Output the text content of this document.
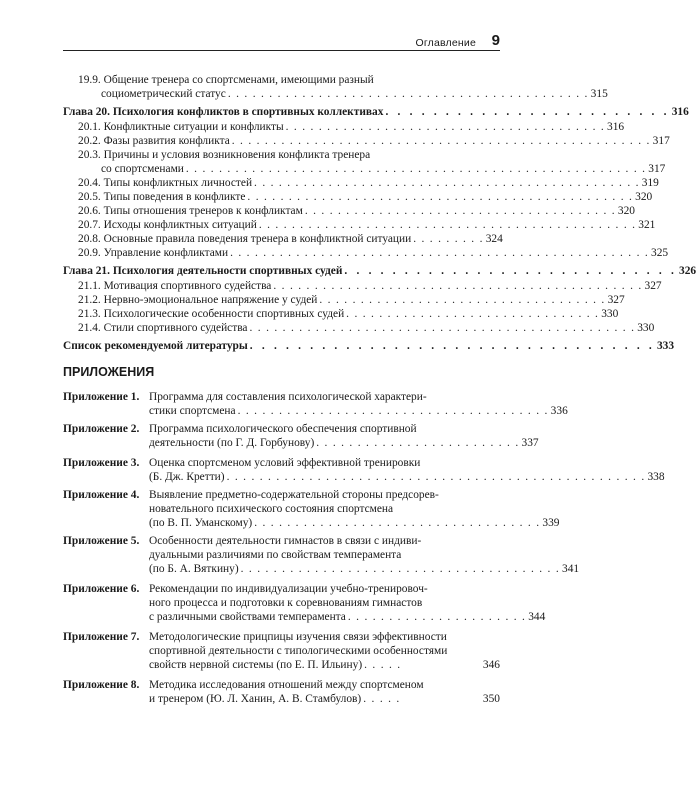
Оглавление 9
19.9. Общение тренера со спортсменами, имеющими разный
социометрический статус . . . . . . . . . . . . . . . . . . . . . . . . . . . . . . . . . . . . . . . . . . . . 315
Глава 20. Психология конфликтов в спортивных коллективах . . . . . . . . . . . . . . . . . . . . . . . . 316
20.1. Конфликтные ситуации и конфликты . . . . . . . . . . . . . . . . . . . . . . . . . . . . . . . . . . . . . . . 316
20.2. Фазы развития конфликта . . . . . . . . . . . . . . . . . . . . . . . . . . . . . . . . . . . . . . . . . . . . . . . . . . . 317
20.3. Причины и условия возникновения конфликта тренера
со спортсменами . . . . . . . . . . . . . . . . . . . . . . . . . . . . . . . . . . . . . . . . . . . . . . . . . . . . . . . . 317
20.4. Типы конфликтных личностей . . . . . . . . . . . . . . . . . . . . . . . . . . . . . . . . . . . . . . . . . . . . . . . 319
20.5. Типы поведения в конфликте . . . . . . . . . . . . . . . . . . . . . . . . . . . . . . . . . . . . . . . . . . . . . . . 320
20.6. Типы отношения тренеров к конфликтам . . . . . . . . . . . . . . . . . . . . . . . . . . . . . . . . . . . . . . 320
20.7. Исходы конфликтных ситуаций . . . . . . . . . . . . . . . . . . . . . . . . . . . . . . . . . . . . . . . . . . . . . . 321
20.8. Основные правила поведения тренера в конфликтной ситуации . . . . . . . . . 324
20.9. Управление конфликтами . . . . . . . . . . . . . . . . . . . . . . . . . . . . . . . . . . . . . . . . . . . . . . . . . . . 325
Глава 21. Психология деятельности спортивных судей . . . . . . . . . . . . . . . . . . . . . . . . . . . . 326
21.1. Мотивация спортивного судейства . . . . . . . . . . . . . . . . . . . . . . . . . . . . . . . . . . . . . . . . . . . . . 327
21.2. Нервно-эмоциональное напряжение у судей . . . . . . . . . . . . . . . . . . . . . . . . . . . . . . . . . . . 327
21.3. Психологические особенности спортивных судей . . . . . . . . . . . . . . . . . . . . . . . . . . . . . . . 330
21.4. Стили спортивного судейства . . . . . . . . . . . . . . . . . . . . . . . . . . . . . . . . . . . . . . . . . . . . . . . 330
Список рекомендуемой литературы . . . . . . . . . . . . . . . . . . . . . . . . . . . . . . . . . . 333
ПРИЛОЖЕНИЯ
Приложение 1. Программа для составления психологической характери-
стики спортсмена . . . . . . . . . . . . . . . . . . . . . . . . . . . . . . . . . . . . . . 336
Приложение 2. Программа психологического обеспечения спортивной
деятельности (по Г. Д. Горбунову) . . . . . . . . . . . . . . . . . . . . . . . . . 337
Приложение 3. Оценка спортсменом условий эффективной тренировки
(Б. Дж. Кретти) . . . . . . . . . . . . . . . . . . . . . . . . . . . . . . . . . . . . . . . . . . . . . . . . . . . 338
Приложение 4. Выявление предметно-содержательной стороны предсорев-
новательного психического состояния спортсмена
(по В. П. Уманскому) . . . . . . . . . . . . . . . . . . . . . . . . . . . . . . . . . . . 339
Приложение 5. Особенности деятельности гимнастов в связи с индиви-
дуальными различиями по свойствам темперамента
(по Б. А. Вяткину) . . . . . . . . . . . . . . . . . . . . . . . . . . . . . . . . . . . . . . . 341
Приложение 6. Рекомендации по индивидуализации учебно-тренировоч-
ного процесса и подготовки к соревнованиям гимнастов
с различными свойствами темперамента . . . . . . . . . . . . . . . . . . . . . . 344
Приложение 7. Методологические прицпицы изучения связи эффективности
спортивной деятельности с типологическими особенностями
свойств нервной системы (по Е. П. Ильину) . . . . .	346
Приложение 8. Методика исследования отношений между спортсменом
и тренером (Ю. Л. Ханин, А. В. Стамбулов) . . . . .	350
